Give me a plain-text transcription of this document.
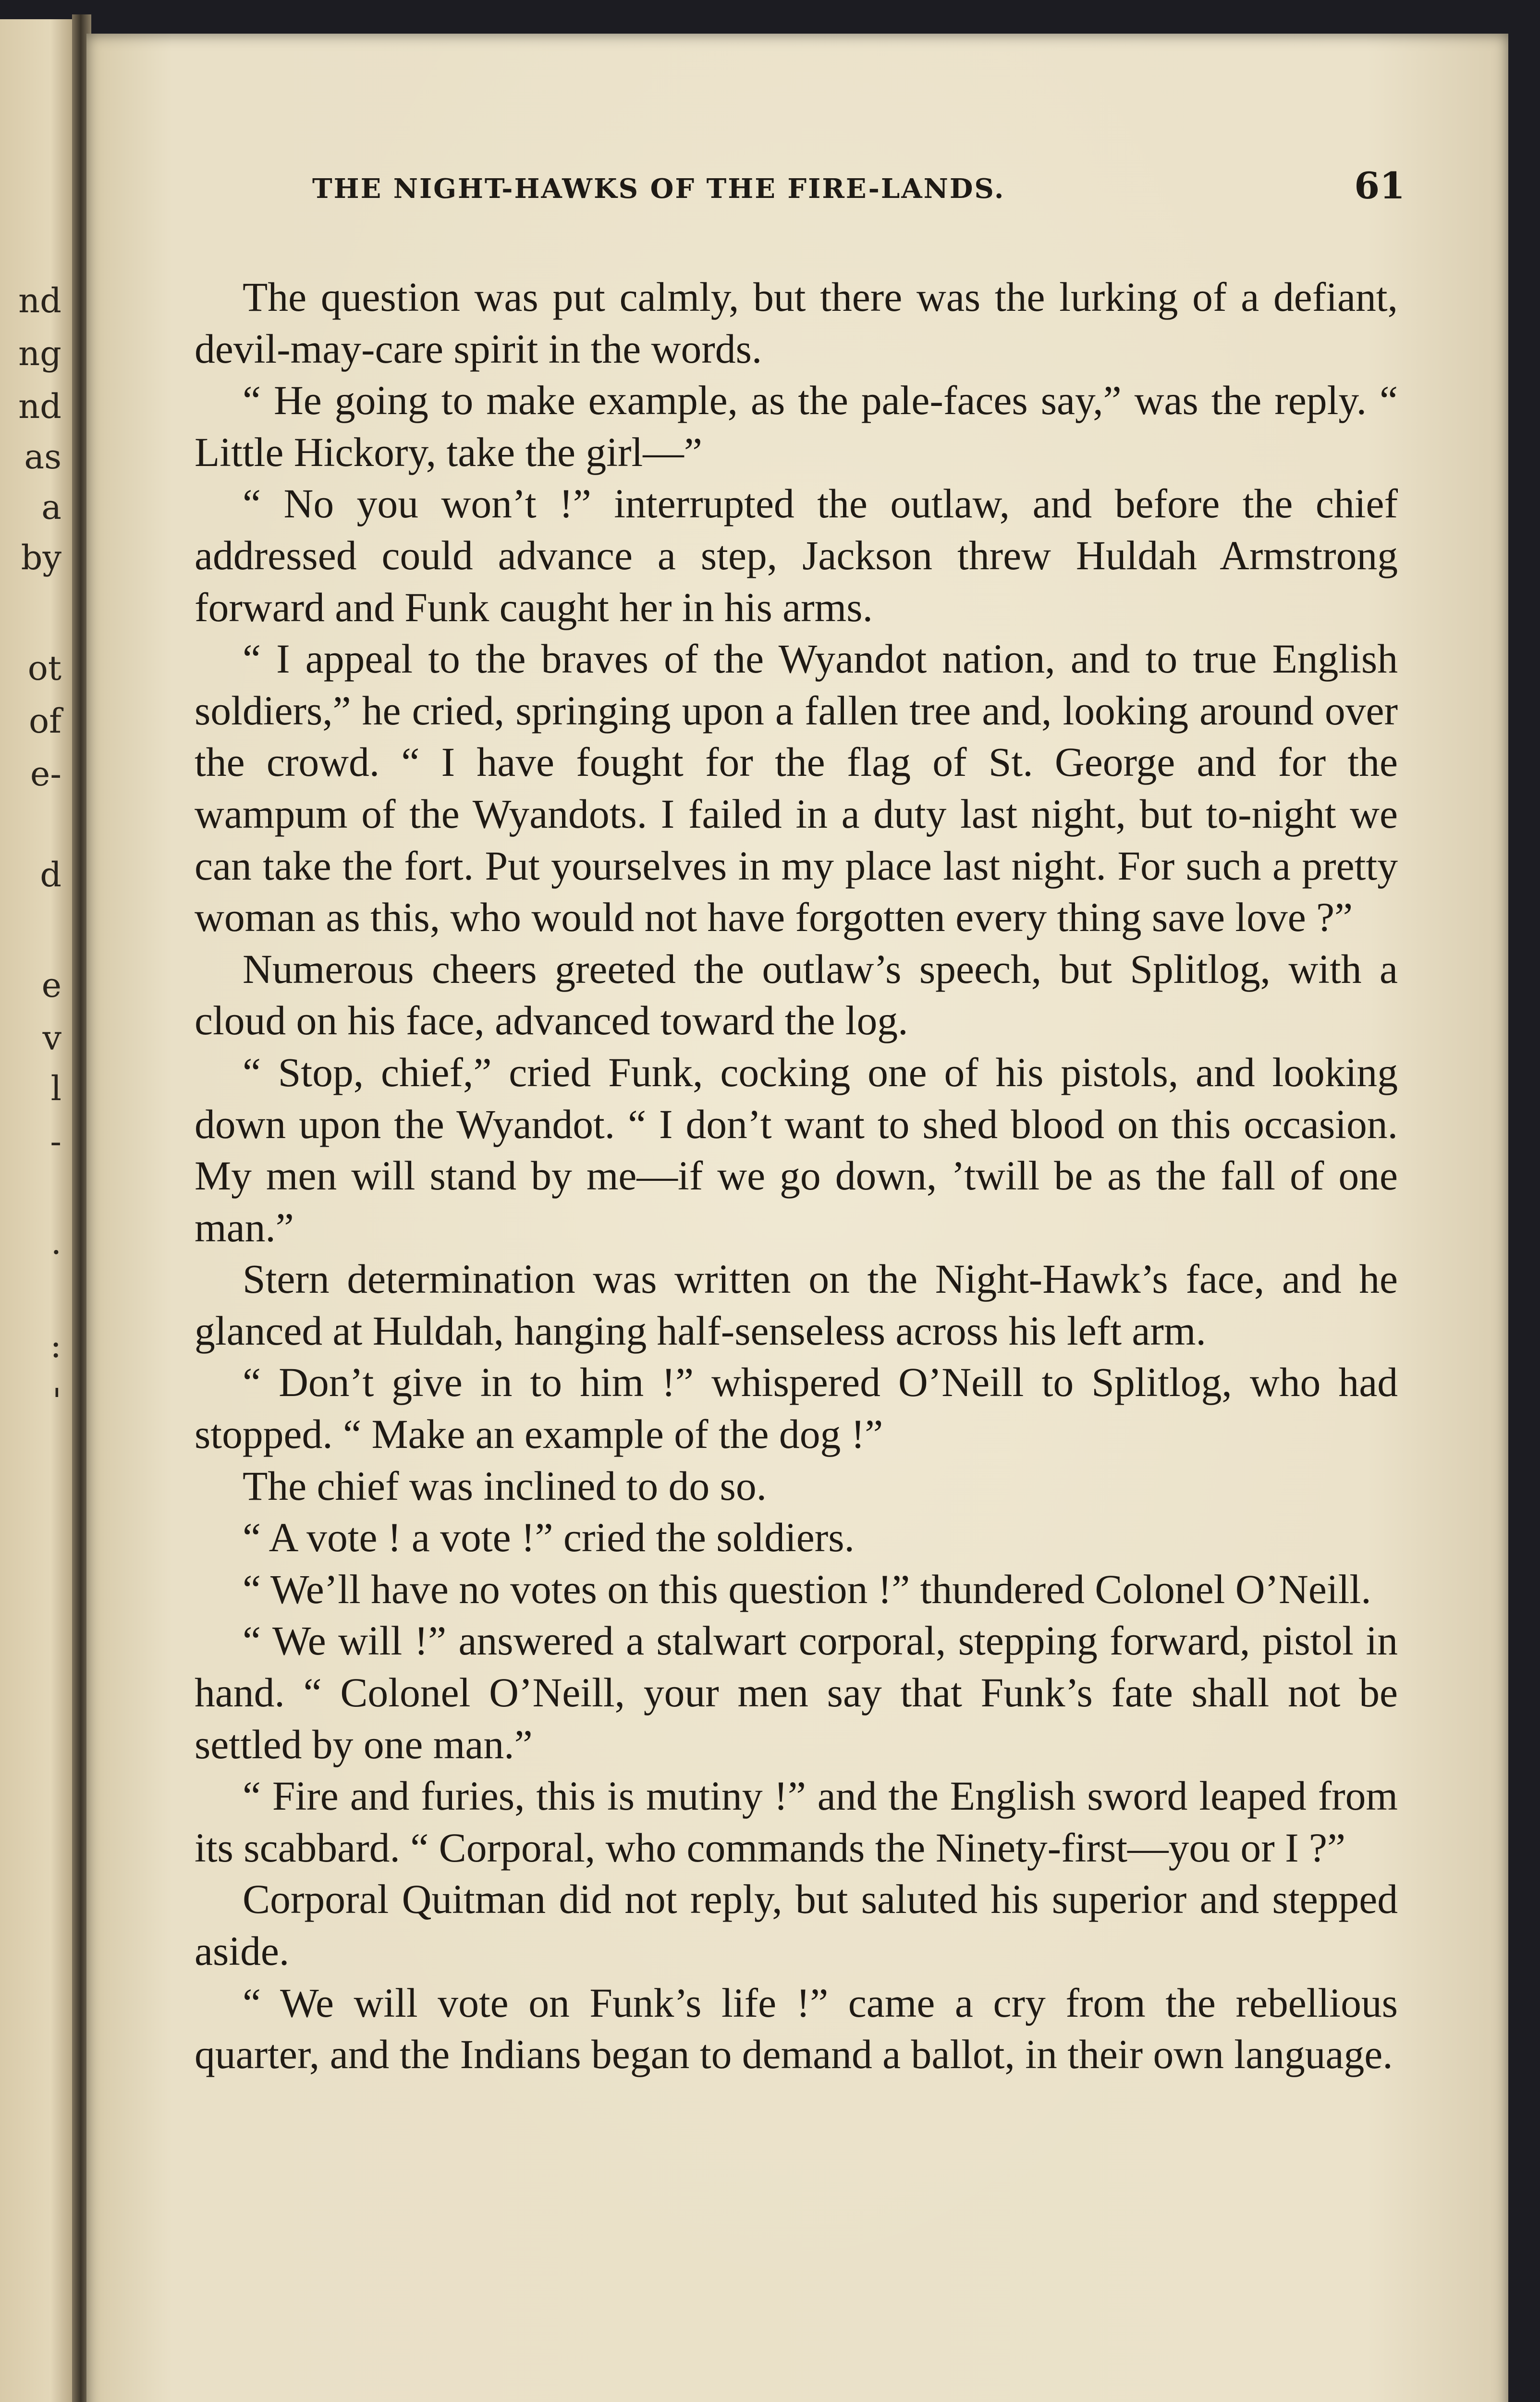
nd
ng
nd
as
a
by
ot
of
e-
d
e
v
l
-
.
:
'
THE NIGHT-HAWKS OF THE FIRE-LANDS.	61

The question was put calmly, but there was the lurking of a defiant, devil-may-care spirit in the words.

“ He going to make example, as the pale-faces say,” was the reply. “ Little Hickory, take the girl—”

“ No you won’t !” interrupted the outlaw, and before the chief addressed could advance a step, Jackson threw Huldah Armstrong forward and Funk caught her in his arms.

“ I appeal to the braves of the Wyandot nation, and to true English soldiers,” he cried, springing upon a fallen tree and, looking around over the crowd. “ I have fought for the flag of St. George and for the wampum of the Wyandots. I failed in a duty last night, but to-night we can take the fort. Put yourselves in my place last night. For such a pretty woman as this, who would not have forgotten every thing save love ?”

Numerous cheers greeted the outlaw’s speech, but Splitlog, with a cloud on his face, advanced toward the log.

“ Stop, chief,” cried Funk, cocking one of his pistols, and looking down upon the Wyandot. “ I don’t want to shed blood on this occasion. My men will stand by me—if we go down, ’twill be as the fall of one man.”

Stern determination was written on the Night-Hawk’s face, and he glanced at Huldah, hanging half-senseless across his left arm.

“ Don’t give in to him !” whispered O’Neill to Splitlog, who had stopped. “ Make an example of the dog !”

The chief was inclined to do so.

“ A vote ! a vote !” cried the soldiers.

“ We’ll have no votes on this question !” thundered Colonel O’Neill.

“ We will !” answered a stalwart corporal, stepping forward, pistol in hand. “ Colonel O’Neill, your men say that Funk’s fate shall not be settled by one man.”

“ Fire and furies, this is mutiny !” and the English sword leaped from its scabbard. “ Corporal, who commands the Ninety-first—you or I ?”

Corporal Quitman did not reply, but saluted his superior and stepped aside.

“ We will vote on Funk’s life !” came a cry from the rebellious quarter, and the Indians began to demand a ballot, in their own language.
